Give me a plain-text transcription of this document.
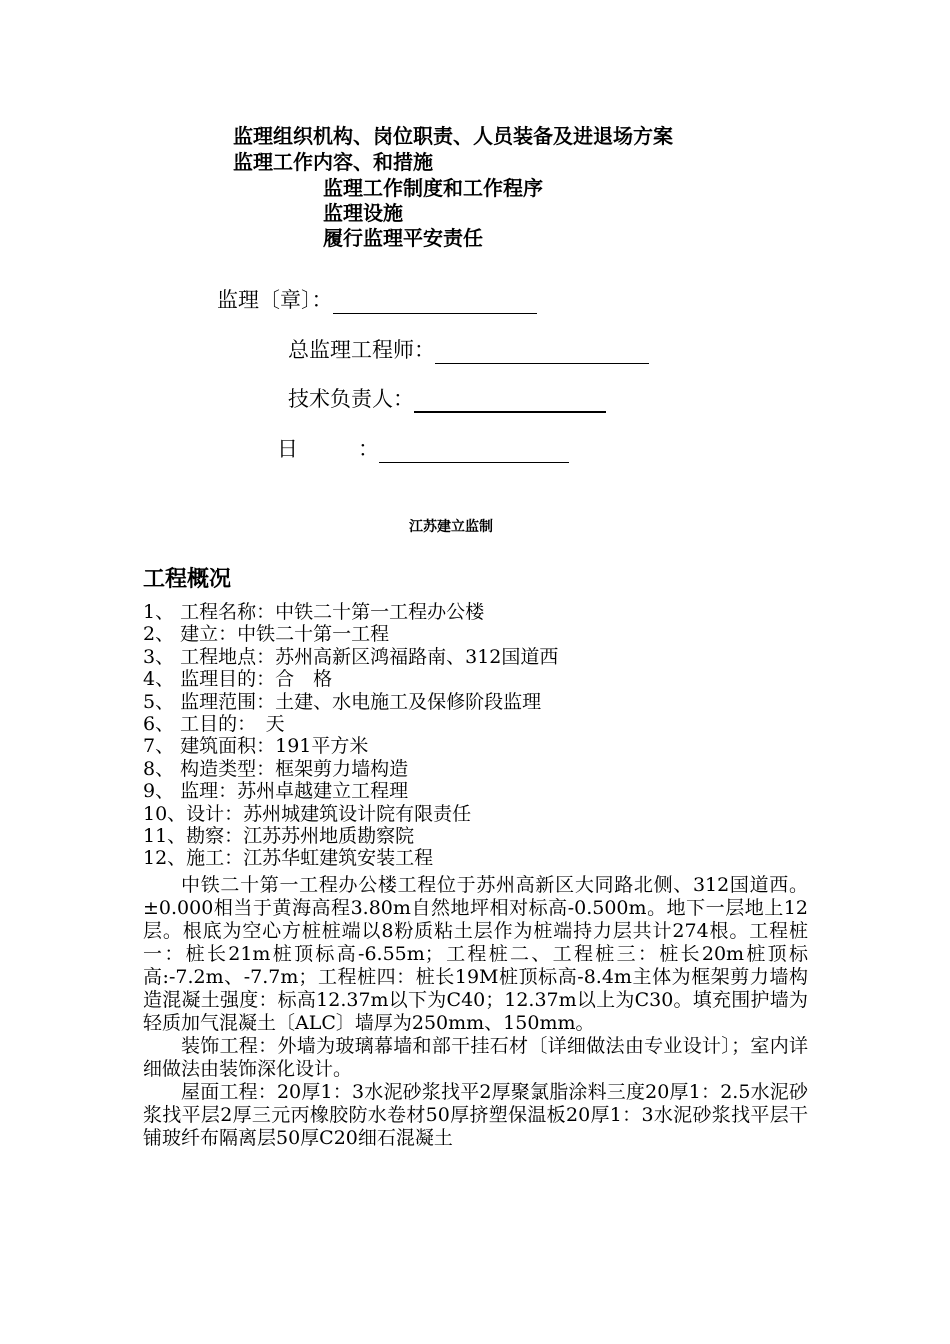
监理组织机构、岗位职责、人员装备及进退场方案
监理工作内容、和措施
监理工作制度和工作程序
监理设施
履行监理平安责任
监理〔章〕：
总监理工程师：
技术负责人：
日	：
江苏建立监制
工程概况
1、 工程名称：中铁二十第一工程办公楼
2、 建立：中铁二十第一工程
3、 工程地点：苏州高新区鸿福路南、312国道西
4、 监理目的：合　格
5、 监理范围：土建、水电施工及保修阶段监理
6、 工目的：　天
7、 建筑面积：191平方米
8、 构造类型：框架剪力墙构造
9、 监理：苏州卓越建立工程理
10、设计：苏州城建筑设计院有限责任
11、勘察：江苏苏州地质勘察院
12、施工：江苏华虹建筑安装工程

中铁二十第一工程办公楼工程位于苏州高新区大同路北侧、312国道西。±0.000相当于黄海高程3.80m自然地坪相对标高-0.500m。地下一层地上12层。根底为空心方桩桩端以8粉质粘土层作为桩端持力层共计274根。工程桩一：桩长21m桩顶标高-6.55m；工程桩二、工程桩三：桩长20m桩顶标高:-7.2m、-7.7m；工程桩四：桩长19M桩顶标高-8.4m主体为框架剪力墙构造混凝土强度：标高12.37m以下为C40；12.37m以上为C30。填充围护墙为轻质加气混凝土〔ALC〕墙厚为250mm、150mm。

装饰工程：外墙为玻璃幕墙和部干挂石材〔详细做法由专业设计〕；室内详细做法由装饰深化设计。

屋面工程：20厚1：3水泥砂浆找平2厚聚氯脂涂料三度20厚1：2.5水泥砂浆找平层2厚三元丙橡胶防水卷材50厚挤塑保温板20厚1：3水泥砂浆找平层干铺玻纤布隔离层50厚C20细石混凝土
